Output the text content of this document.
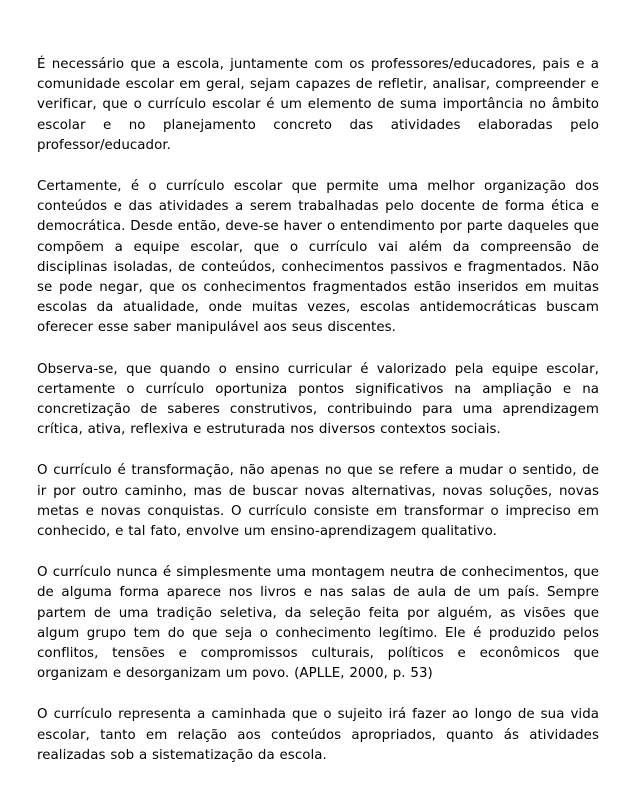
É necessário que a escola, juntamente com os professores/educadores, pais e a comunidade escolar em geral, sejam capazes de refletir, analisar, compreender e verificar, que o currículo escolar é um elemento de suma importância no âmbito escolar e no planejamento concreto das atividades elaboradas pelo professor/educador.

Certamente, é o currículo escolar que permite uma melhor organização dos conteúdos e das atividades a serem trabalhadas pelo docente de forma ética e democrática. Desde então, deve-se haver o entendimento por parte daqueles que compõem a equipe escolar, que o currículo vai além da compreensão de disciplinas isoladas, de conteúdos, conhecimentos passivos e fragmentados. Não se pode negar, que os conhecimentos fragmentados estão inseridos em muitas escolas da atualidade, onde muitas vezes, escolas antidemocráticas buscam oferecer esse saber manipulável aos seus discentes.

Observa-se, que quando o ensino curricular é valorizado pela equipe escolar, certamente o currículo oportuniza pontos significativos na ampliação e na concretização de saberes construtivos, contribuindo para uma aprendizagem crítica, ativa, reflexiva e estruturada nos diversos contextos sociais.

O currículo é transformação, não apenas no que se refere a mudar o sentido, de ir por outro caminho, mas de buscar novas alternativas, novas soluções, novas metas e novas conquistas. O currículo consiste em transformar o impreciso em conhecido, e tal fato, envolve um ensino-aprendizagem qualitativo.

O currículo nunca é simplesmente uma montagem neutra de conhecimentos, que de alguma forma aparece nos livros e nas salas de aula de um país. Sempre partem de uma tradição seletiva, da seleção feita por alguém, as visões que algum grupo tem do que seja o conhecimento legítimo. Ele é produzido pelos conflitos, tensões e compromissos culturais, políticos e econômicos que organizam e desorganizam um povo. (APLLE, 2000, p. 53)

O currículo representa a caminhada que o sujeito irá fazer ao longo de sua vida escolar, tanto em relação aos conteúdos apropriados, quanto ás atividades realizadas sob a sistematização da escola.
